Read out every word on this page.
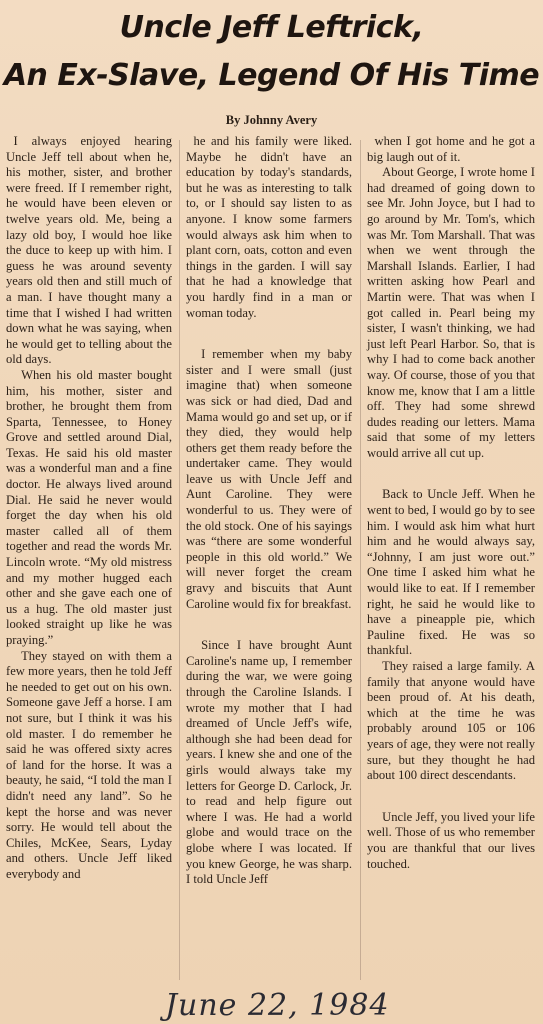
Uncle Jeff Leftrick,
An Ex-Slave, Legend Of His Time
By Johnny Avery

I always enjoyed hearing Uncle Jeff tell about when he, his mother, sister, and brother were freed. If I remember right, he would have been eleven or twelve years old. Me, being a lazy old boy, I would hoe like the duce to keep up with him. I guess he was around seventy years old then and still much of a man. I have thought many a time that I wished I had written down what he was saying, when he would get to telling about the old days.

When his old master bought him, his mother, sister and brother, he brought them from Sparta, Tennessee, to Honey Grove and settled around Dial, Texas. He said his old master was a wonderful man and a fine doctor. He always lived around Dial. He said he never would forget the day when his old master called all of them together and read the words Mr. Lincoln wrote. “My old mistress and my mother hugged each other and she gave each one of us a hug. The old master just looked straight up like he was praying.”

They stayed on with them a few more years, then he told Jeff he needed to get out on his own. Someone gave Jeff a horse. I am not sure, but I think it was his old master. I do remember he said he was offered sixty acres of land for the horse. It was a beauty, he said, “I told the man I didn't need any land”. So he kept the horse and was never sorry. He would tell about the Chiles, McKee, Sears, Lyday and others. Uncle Jeff liked everybody and

he and his family were liked. Maybe he didn't have an education by today's standards, but he was as interesting to talk to, or I should say listen to as anyone. I know some farmers would always ask him when to plant corn, oats, cotton and even things in the garden. I will say that he had a knowledge that you hardly find in a man or woman today.

I remember when my baby sister and I were small (just imagine that) when someone was sick or had died, Dad and Mama would go and set up, or if they died, they would help others get them ready before the undertaker came. They would leave us with Uncle Jeff and Aunt Caroline. They were wonderful to us. They were of the old stock. One of his sayings was “there are some wonderful people in this old world.” We will never forget the cream gravy and biscuits that Aunt Caroline would fix for breakfast.

Since I have brought Aunt Caroline's name up, I remember during the war, we were going through the Caroline Islands. I wrote my mother that I had dreamed of Uncle Jeff's wife, although she had been dead for years. I knew she and one of the girls would always take my letters for George D. Carlock, Jr. to read and help figure out where I was. He had a world globe and would trace on the globe where I was located. If you knew George, he was sharp. I told Uncle Jeff

when I got home and he got a big laugh out of it.

About George, I wrote home I had dreamed of going down to see Mr. John Joyce, but I had to go around by Mr. Tom's, which was Mr. Tom Marshall. That was when we went through the Marshall Islands. Earlier, I had written asking how Pearl and Martin were. That was when I got called in. Pearl being my sister, I wasn't thinking, we had just left Pearl Harbor. So, that is why I had to come back another way. Of course, those of you that know me, know that I am a little off. They had some shrewd dudes reading our letters. Mama said that some of my letters would arrive all cut up.

Back to Uncle Jeff. When he went to bed, I would go by to see him. I would ask him what hurt him and he would always say, “Johnny, I am just wore out.” One time I asked him what he would like to eat. If I remember right, he said he would like to have a pineapple pie, which Pauline fixed. He was so thankful.

They raised a large family. A family that anyone would have been proud of. At his death, which at the time he was probably around 105 or 106 years of age, they were not really sure, but they thought he had about 100 direct descendants.

Uncle Jeff, you lived your life well. Those of us who remember you are thankful that our lives touched.

June 22, 1984
